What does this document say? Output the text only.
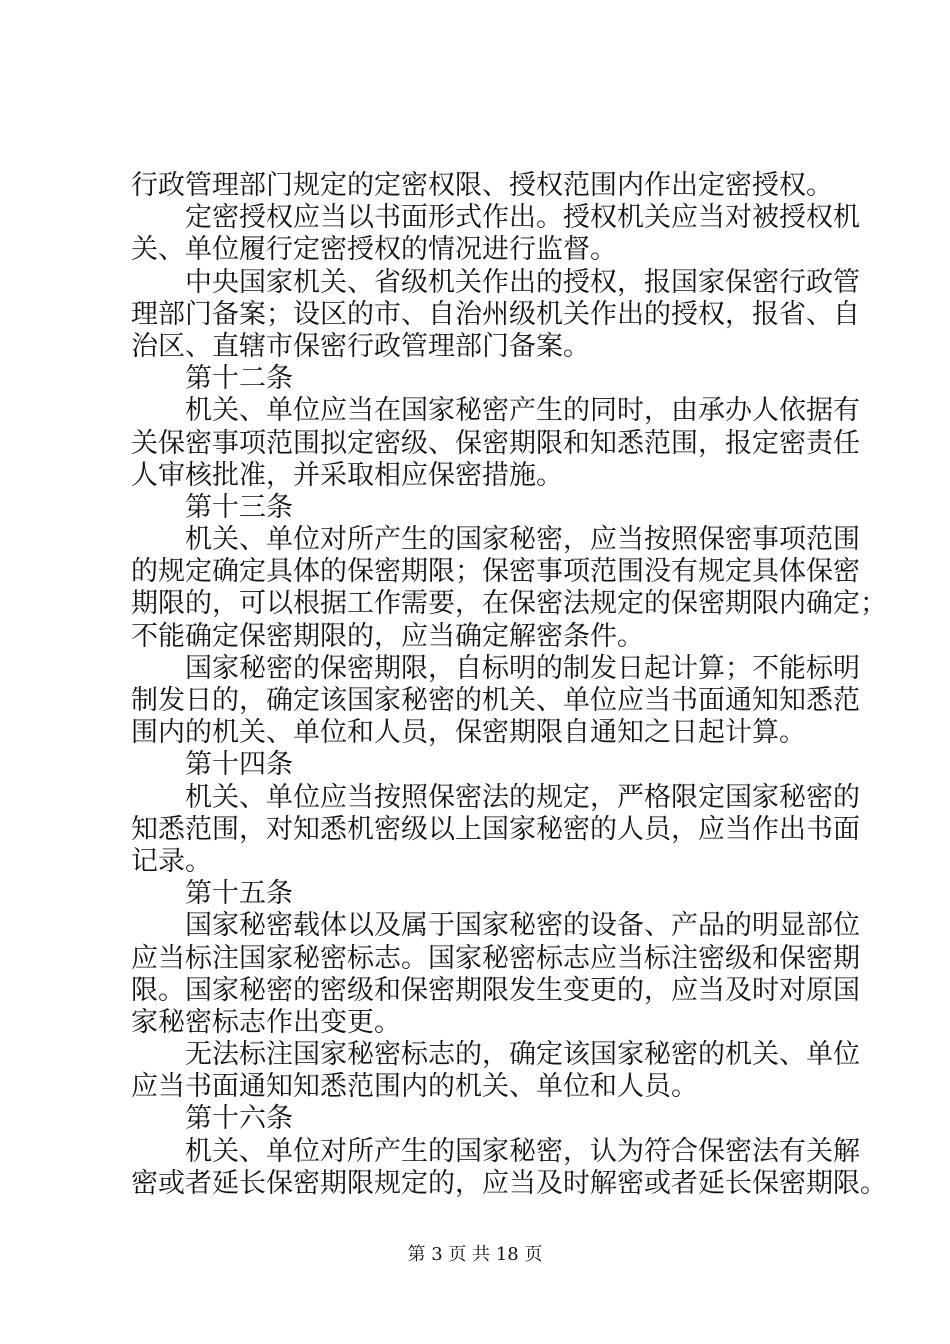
行政管理部门规定的定密权限、授权范围内作出定密授权。
定密授权应当以书面形式作出。授权机关应当对被授权机
关、单位履行定密授权的情况进行监督。
中央国家机关、省级机关作出的授权，报国家保密行政管
理部门备案；设区的市、自治州级机关作出的授权，报省、自
治区、直辖市保密行政管理部门备案。
第十二条
机关、单位应当在国家秘密产生的同时，由承办人依据有
关保密事项范围拟定密级、保密期限和知悉范围，报定密责任
人审核批准，并采取相应保密措施。
第十三条
机关、单位对所产生的国家秘密，应当按照保密事项范围
的规定确定具体的保密期限；保密事项范围没有规定具体保密
期限的，可以根据工作需要，在保密法规定的保密期限内确定；
不能确定保密期限的，应当确定解密条件。
国家秘密的保密期限，自标明的制发日起计算；不能标明
制发日的，确定该国家秘密的机关、单位应当书面通知知悉范
围内的机关、单位和人员，保密期限自通知之日起计算。
第十四条
机关、单位应当按照保密法的规定，严格限定国家秘密的
知悉范围，对知悉机密级以上国家秘密的人员，应当作出书面
记录。
第十五条
国家秘密载体以及属于国家秘密的设备、产品的明显部位
应当标注国家秘密标志。国家秘密标志应当标注密级和保密期
限。国家秘密的密级和保密期限发生变更的，应当及时对原国
家秘密标志作出变更。
无法标注国家秘密标志的，确定该国家秘密的机关、单位
应当书面通知知悉范围内的机关、单位和人员。
第十六条
机关、单位对所产生的国家秘密，认为符合保密法有关解
密或者延长保密期限规定的，应当及时解密或者延长保密期限。
第 3 页 共 18 页
